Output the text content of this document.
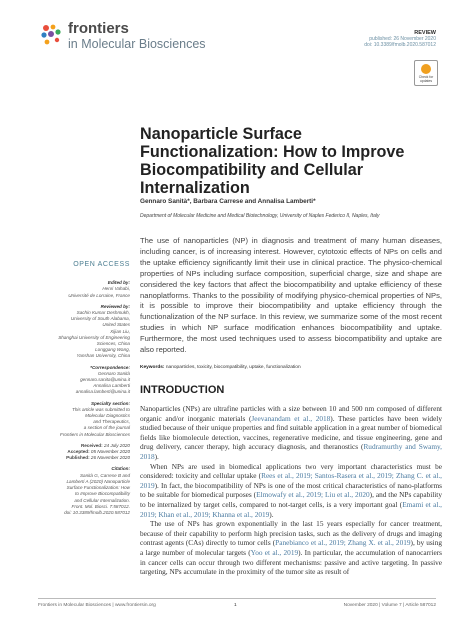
frontiers
in Molecular Biosciences
REVIEW
published: 26 November 2020
doi: 10.3389/fmolb.2020.587012
Check for updates
Nanoparticle Surface Functionalization: How to Improve Biocompatibility and Cellular Internalization
Gennaro Sanità*, Barbara Carrese and Annalisa Lamberti*
Department of Molecular Medicine and Medical Biotechnology, University of Naples Federico II, Naples, Italy
The use of nanoparticles (NP) in diagnosis and treatment of many human diseases, including cancer, is of increasing interest. However, cytotoxic effects of NPs on cells and the uptake efficiency significantly limit their use in clinical practice. The physico-chemical properties of NPs including surface composition, superficial charge, size and shape are considered the key factors that affect the biocompatibility and uptake efficiency of these nanoplatforms. Thanks to the possibility of modifying physico-chemical properties of NPs, it is possible to improve their biocompatibility and uptake efficiency through the functionalization of the NP surface. In this review, we summarize some of the most recent studies in which NP surface modification enhances biocompatibility and uptake. Furthermore, the most used techniques used to assess biocompatibility and uptake are also reported.
Keywords: nanoparticles, toxicity, biocompatibility, uptake, functionalization
OPEN ACCESS
Edited by:
Henri Vahabi,
Université de Lorraine, France
Reviewed by:
Sachin Kumar Deshmukh,
University of South Alabama,
United States
Xijian Liu,
Shanghai University of Engineering
Sciences, China
Longgang Wang,
Yanshan University, China
*Correspondence:
Gennaro Sanità
gennaro.sanita@unina.it
Annalisa Lamberti
annalisa.lamberti@unina.it
Specialty section:
This article was submitted to
Molecular Diagnostics
and Therapeutics,
a section of the journal
Frontiers in Molecular Biosciences
Received: 24 July 2020
Accepted: 05 November 2020
Published: 26 November 2020
Citation:
Sanità G, Carrese B and
Lamberti A (2020) Nanoparticle
Surface Functionalization: How
to Improve Biocompatibility
and Cellular Internalization.
Front. Mol. Biosci. 7:587012.
doi: 10.3389/fmolb.2020.587012
INTRODUCTION

Nanoparticles (NPs) are ultrafine particles with a size between 10 and 500 nm composed of different organic and/or inorganic materials (Jeevanandam et al., 2018). These particles have been widely studied because of their unique properties and find suitable application in a great number of biomedical fields like biomolecule detection, vaccines, regenerative medicine, and tissue engineering, gene and drug delivery, cancer therapy, high accuracy diagnosis, and theranostics (Rudramurthy and Swamy, 2018).

When NPs are used in biomedical applications two very important characteristics must be considered: toxicity and cellular uptake (Rees et al., 2019; Santos-Rasera et al., 2019; Zhang C. et al., 2019). In fact, the biocompatibility of NPs is one of the most critical characteristics of nano-platforms to be suitable for biomedical purposes (Elmowafy et al., 2019; Liu et al., 2020), and the NPs capability to be internalized by target cells, compared to not-target cells, is a very important goal (Emami et al., 2019; Khan et al., 2019; Khanna et al., 2019).

The use of NPs has grown exponentially in the last 15 years especially for cancer treatment, because of their capability to perform high precision tasks, such as the delivery of drugs and imaging contrast agents (CAs) directly to tumor cells (Panebianco et al., 2019; Zhang X. et al., 2019), by using a large number of molecular targets (Yoo et al., 2019). In particular, the accumulation of nanocarriers in cancer cells can occur through two different mechanisms: passive and active targeting. In passive targeting, NPs accumulate in the proximity of the tumor site as result of

Frontiers in Molecular Biosciences | www.frontiersin.org	1	November 2020 | Volume 7 | Article 587012
